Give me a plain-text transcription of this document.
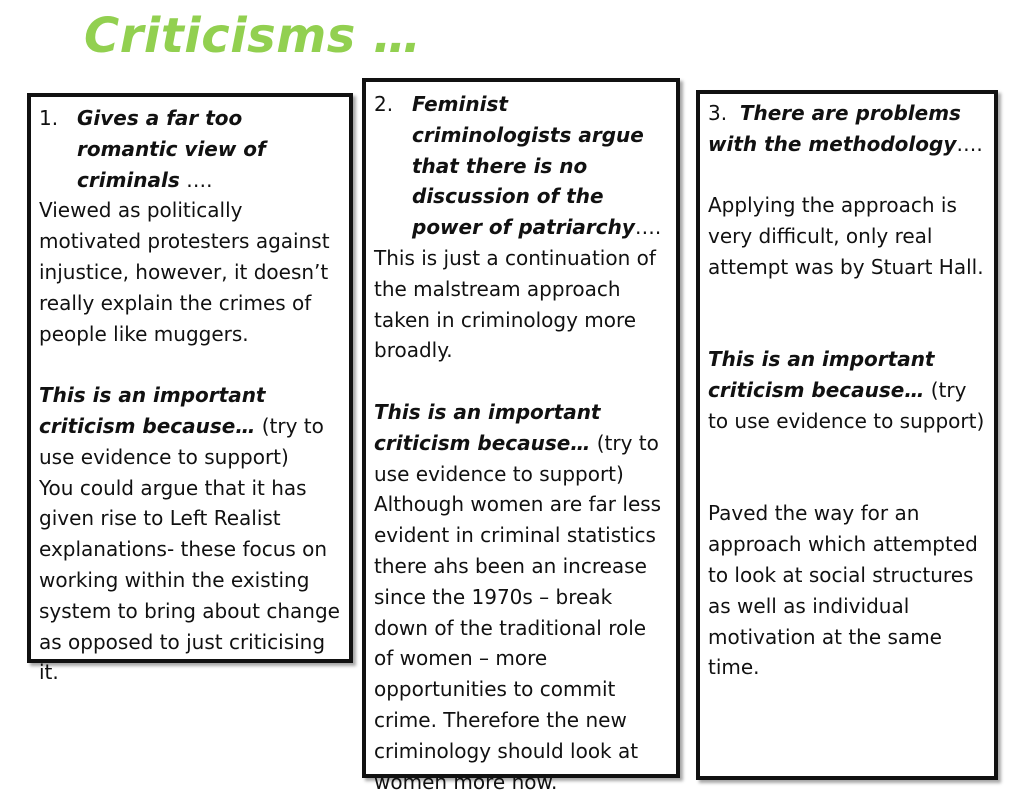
Criticisms …
1. Gives a far too romantic view of criminals ….

Viewed as politically motivated protesters against injustice, however, it doesn’t really explain the crimes of people like muggers.

This is an important criticism because… (try to use evidence to support)

You could argue that it has given rise to Left Realist explanations- these focus on working within the existing system to bring about change as opposed to just criticising it.

2. Feminist criminologists argue that there is no discussion of the power of patriarchy….

This is just a continuation of the malstream approach taken in criminology more broadly.

This is an important criticism because… (try to use evidence to support)

Although women are far less evident in criminal statistics there ahs been an increase since the 1970s – break down of the traditional role of women – more opportunities to commit crime. Therefore the new criminology should look at women more now.

3. There are problems with the methodology….

Applying the approach is very difficult, only real attempt was by Stuart Hall.

This is an important criticism because… (try to use evidence to support)

Paved the way for an approach which attempted to look at social structures as well as individual motivation at the same time.
